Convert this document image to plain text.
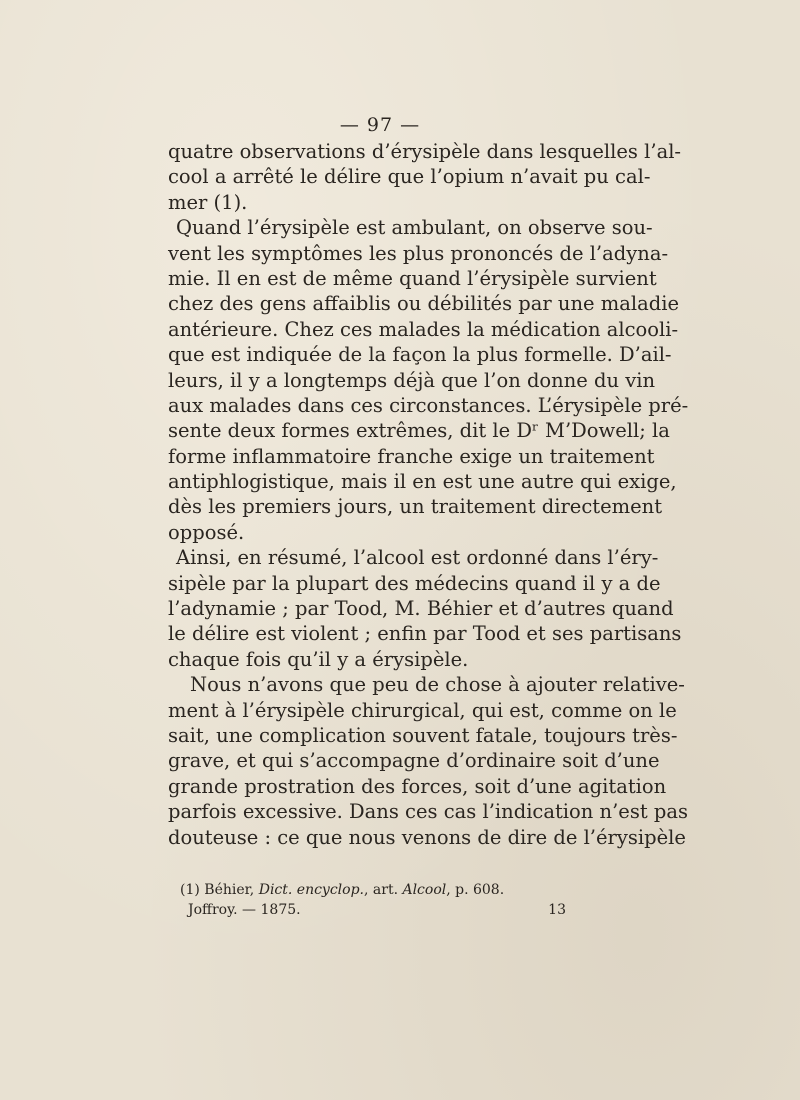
— 97 —
quatre observations d’érysipèle dans lesquelles l’al-
cool a arrêté le délire que l’opium n’avait pu cal-
mer (1).
Quand l’érysipèle est ambulant, on observe sou-
vent les symptômes les plus prononcés de l’adyna-
mie. Il en est de même quand l’érysipèle survient
chez des gens affaiblis ou débilités par une maladie
antérieure. Chez ces malades la médication alcooli-
que est indiquée de la façon la plus formelle. D’ail-
leurs, il y a longtemps déjà que l’on donne du vin
aux malades dans ces circonstances. L’érysipèle pré-
sente deux formes extrêmes, dit le Dʳ M’Dowell; la
forme inflammatoire franche exige un traitement
antiphlogistique, mais il en est une autre qui exige,
dès les premiers jours, un traitement directement
opposé.
Ainsi, en résumé, l’alcool est ordonné dans l’éry-
sipèle par la plupart des médecins quand il y a de
l’adynamie ; par Tood, M. Béhier et d’autres quand
le délire est violent ; enfin par Tood et ses partisans
chaque fois qu’il y a érysipèle.
Nous n’avons que peu de chose à ajouter relative-
ment à l’érysipèle chirurgical, qui est, comme on le
sait, une complication souvent fatale, toujours très-
grave, et qui s’accompagne d’ordinaire soit d’une
grande prostration des forces, soit d’une agitation
parfois excessive. Dans ces cas l’indication n’est pas
douteuse : ce que nous venons de dire de l’érysipèle
(1) Béhier, Dict. encyclop., art. Alcool, p. 608.
Joffroy. — 1875.	13
